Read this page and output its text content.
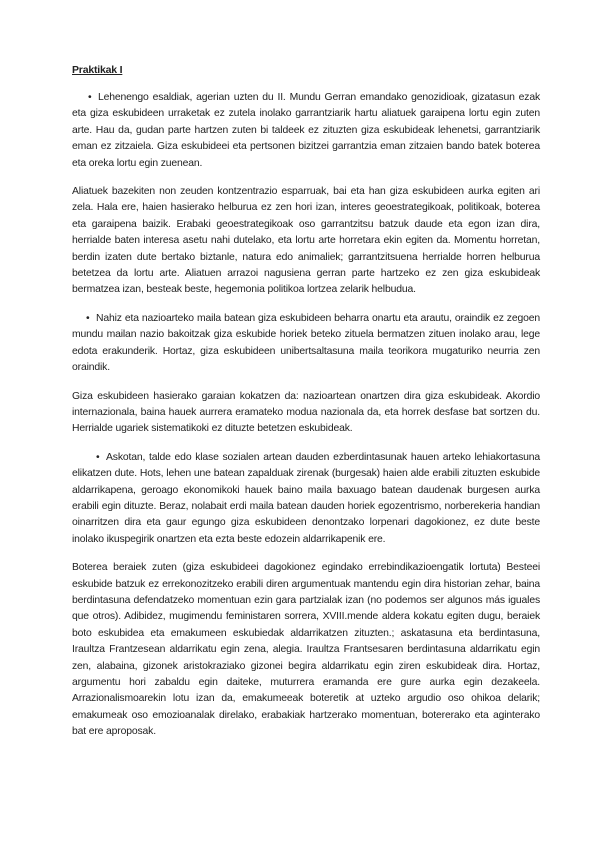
Praktikak I

• Lehenengo esaldiak, agerian uzten du II. Mundu Gerran emandako genozidioak, gizatasun ezak eta giza eskubideen urraketak ez zutela inolako garrantziarik hartu aliatuek garaipena lortu egin zuten arte. Hau da, gudan parte hartzen zuten bi taldeek ez zituzten giza eskubideak lehenetsi, garrantziarik eman ez zitzaiela. Giza eskubideei eta pertsonen bizitzei garrantzia eman zitzaien bando batek boterea eta oreka lortu egin zuenean.

Aliatuek bazekiten non zeuden kontzentrazio esparruak, bai eta han giza eskubideen aurka egiten ari zela. Hala ere, haien hasierako helburua ez zen hori izan, interes geoestrategikoak, politikoak, boterea eta garaipena baizik. Erabaki geoestrategikoak oso garrantzitsu batzuk daude eta egon izan dira, herrialde baten interesa asetu nahi dutelako, eta lortu arte horretara ekin egiten da. Momentu horretan, berdin izaten dute bertako biztanle, natura edo animaliek; garrantzitsuena herrialde horren helburua betetzea da lortu arte. Aliatuen arrazoi nagusiena gerran parte hartzeko ez zen giza eskubideak bermatzea izan, besteak beste, hegemonia politikoa lortzea zelarik helbudua.

• Nahiz eta nazioarteko maila batean giza eskubideen beharra onartu eta arautu, oraindik ez zegoen mundu mailan nazio bakoitzak giza eskubide horiek beteko zituela bermatzen zituen inolako arau, lege edota erakunderik. Hortaz, giza eskubideen unibertsaltasuna maila teorikora mugaturiko neurria zen oraindik.

Giza eskubideen hasierako garaian kokatzen da: nazioartean onartzen dira giza eskubideak. Akordio internazionala, baina hauek aurrera eramateko modua nazionala da, eta horrek desfase bat sortzen du. Herrialde ugariek sistematikoki ez dituzte betetzen eskubideak.

• Askotan, talde edo klase sozialen artean dauden ezberdintasunak hauen arteko lehiakortasuna elikatzen dute. Hots, lehen une batean zapalduak zirenak (burgesak) haien alde erabili zituzten eskubide aldarrikapena, geroago ekonomikoki hauek baino maila baxuago batean daudenak burgesen aurka erabili egin dituzte. Beraz, nolabait erdi maila batean dauden horiek egozentrismo, norberekeria handian oinarritzen dira eta gaur egungo giza eskubideen denontzako lorpenari dagokionez, ez dute beste inolako ikuspegirik onartzen eta ezta beste edozein aldarrikapenik ere.

Boterea beraiek zuten (giza eskubideei dagokionez egindako errebindikazioengatik lortuta) Besteei eskubide batzuk ez errekonozitzeko erabili diren argumentuak mantendu egin dira historian zehar, baina berdintasuna defendatzeko momentuan ezin gara partzialak izan (no podemos ser algunos más iguales que otros). Adibidez, mugimendu feministaren sorrera, XVIII.mende aldera kokatu egiten dugu, beraiek boto eskubidea eta emakumeen eskubiedak aldarrikatzen zituzten.; askatasuna eta berdintasuna, Iraultza Frantzesean aldarrikatu egin zena, alegia. Iraultza Frantsesaren berdintasuna aldarrikatu egin zen, alabaina, gizonek aristokraziako gizonei begira aldarrikatu egin ziren eskubideak dira. Hortaz, argumentu hori zabaldu egin daiteke, muturrera eramanda ere gure aurka egin dezakeela. Arrazionalismoarekin lotu izan da, emakumeeak boteretik at uzteko argudio oso ohikoa delarik; emakumeak oso emozioanalak direlako, erabakiak hartzerako momentuan, botererako eta aginterako bat ere aproposak.
